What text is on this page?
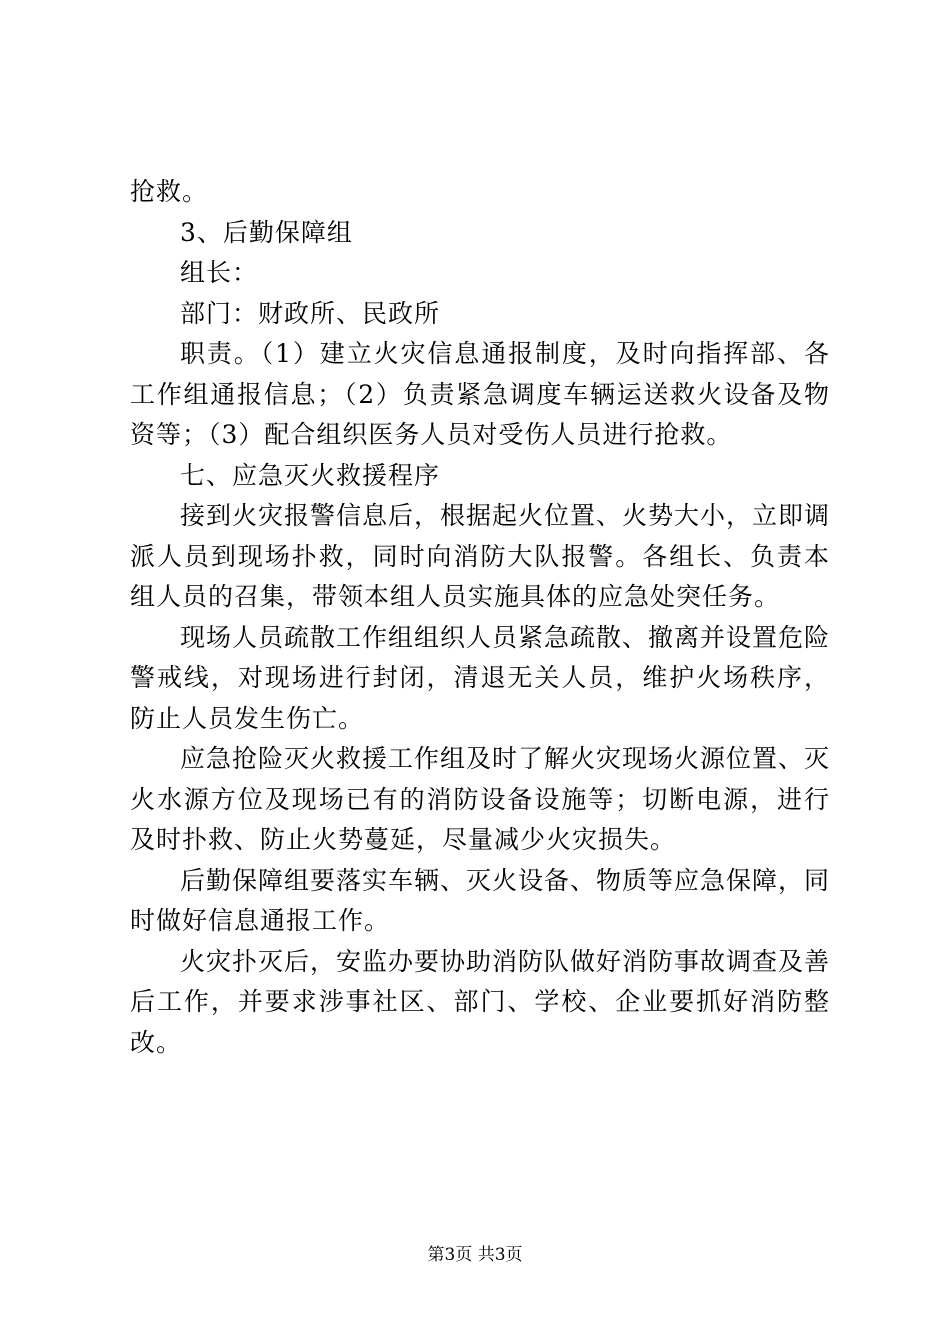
抢救。

3、后勤保障组

组长：

部门：财政所、民政所

职责。（1）建立火灾信息通报制度，及时向指挥部、各工作组通报信息；（2）负责紧急调度车辆运送救火设备及物资等；（3）配合组织医务人员对受伤人员进行抢救。

七、应急灭火救援程序

接到火灾报警信息后，根据起火位置、火势大小，立即调派人员到现场扑救，同时向消防大队报警。各组长、负责本组人员的召集，带领本组人员实施具体的应急处突任务。

现场人员疏散工作组组织人员紧急疏散、撤离并设置危险警戒线，对现场进行封闭，清退无关人员，维护火场秩序，防止人员发生伤亡。

应急抢险灭火救援工作组及时了解火灾现场火源位置、灭火水源方位及现场已有的消防设备设施等；切断电源，进行及时扑救、防止火势蔓延，尽量减少火灾损失。

后勤保障组要落实车辆、灭火设备、物质等应急保障，同时做好信息通报工作。

火灾扑灭后，安监办要协助消防队做好消防事故调查及善后工作，并要求涉事社区、部门、学校、企业要抓好消防整改。

第3页 共3页
